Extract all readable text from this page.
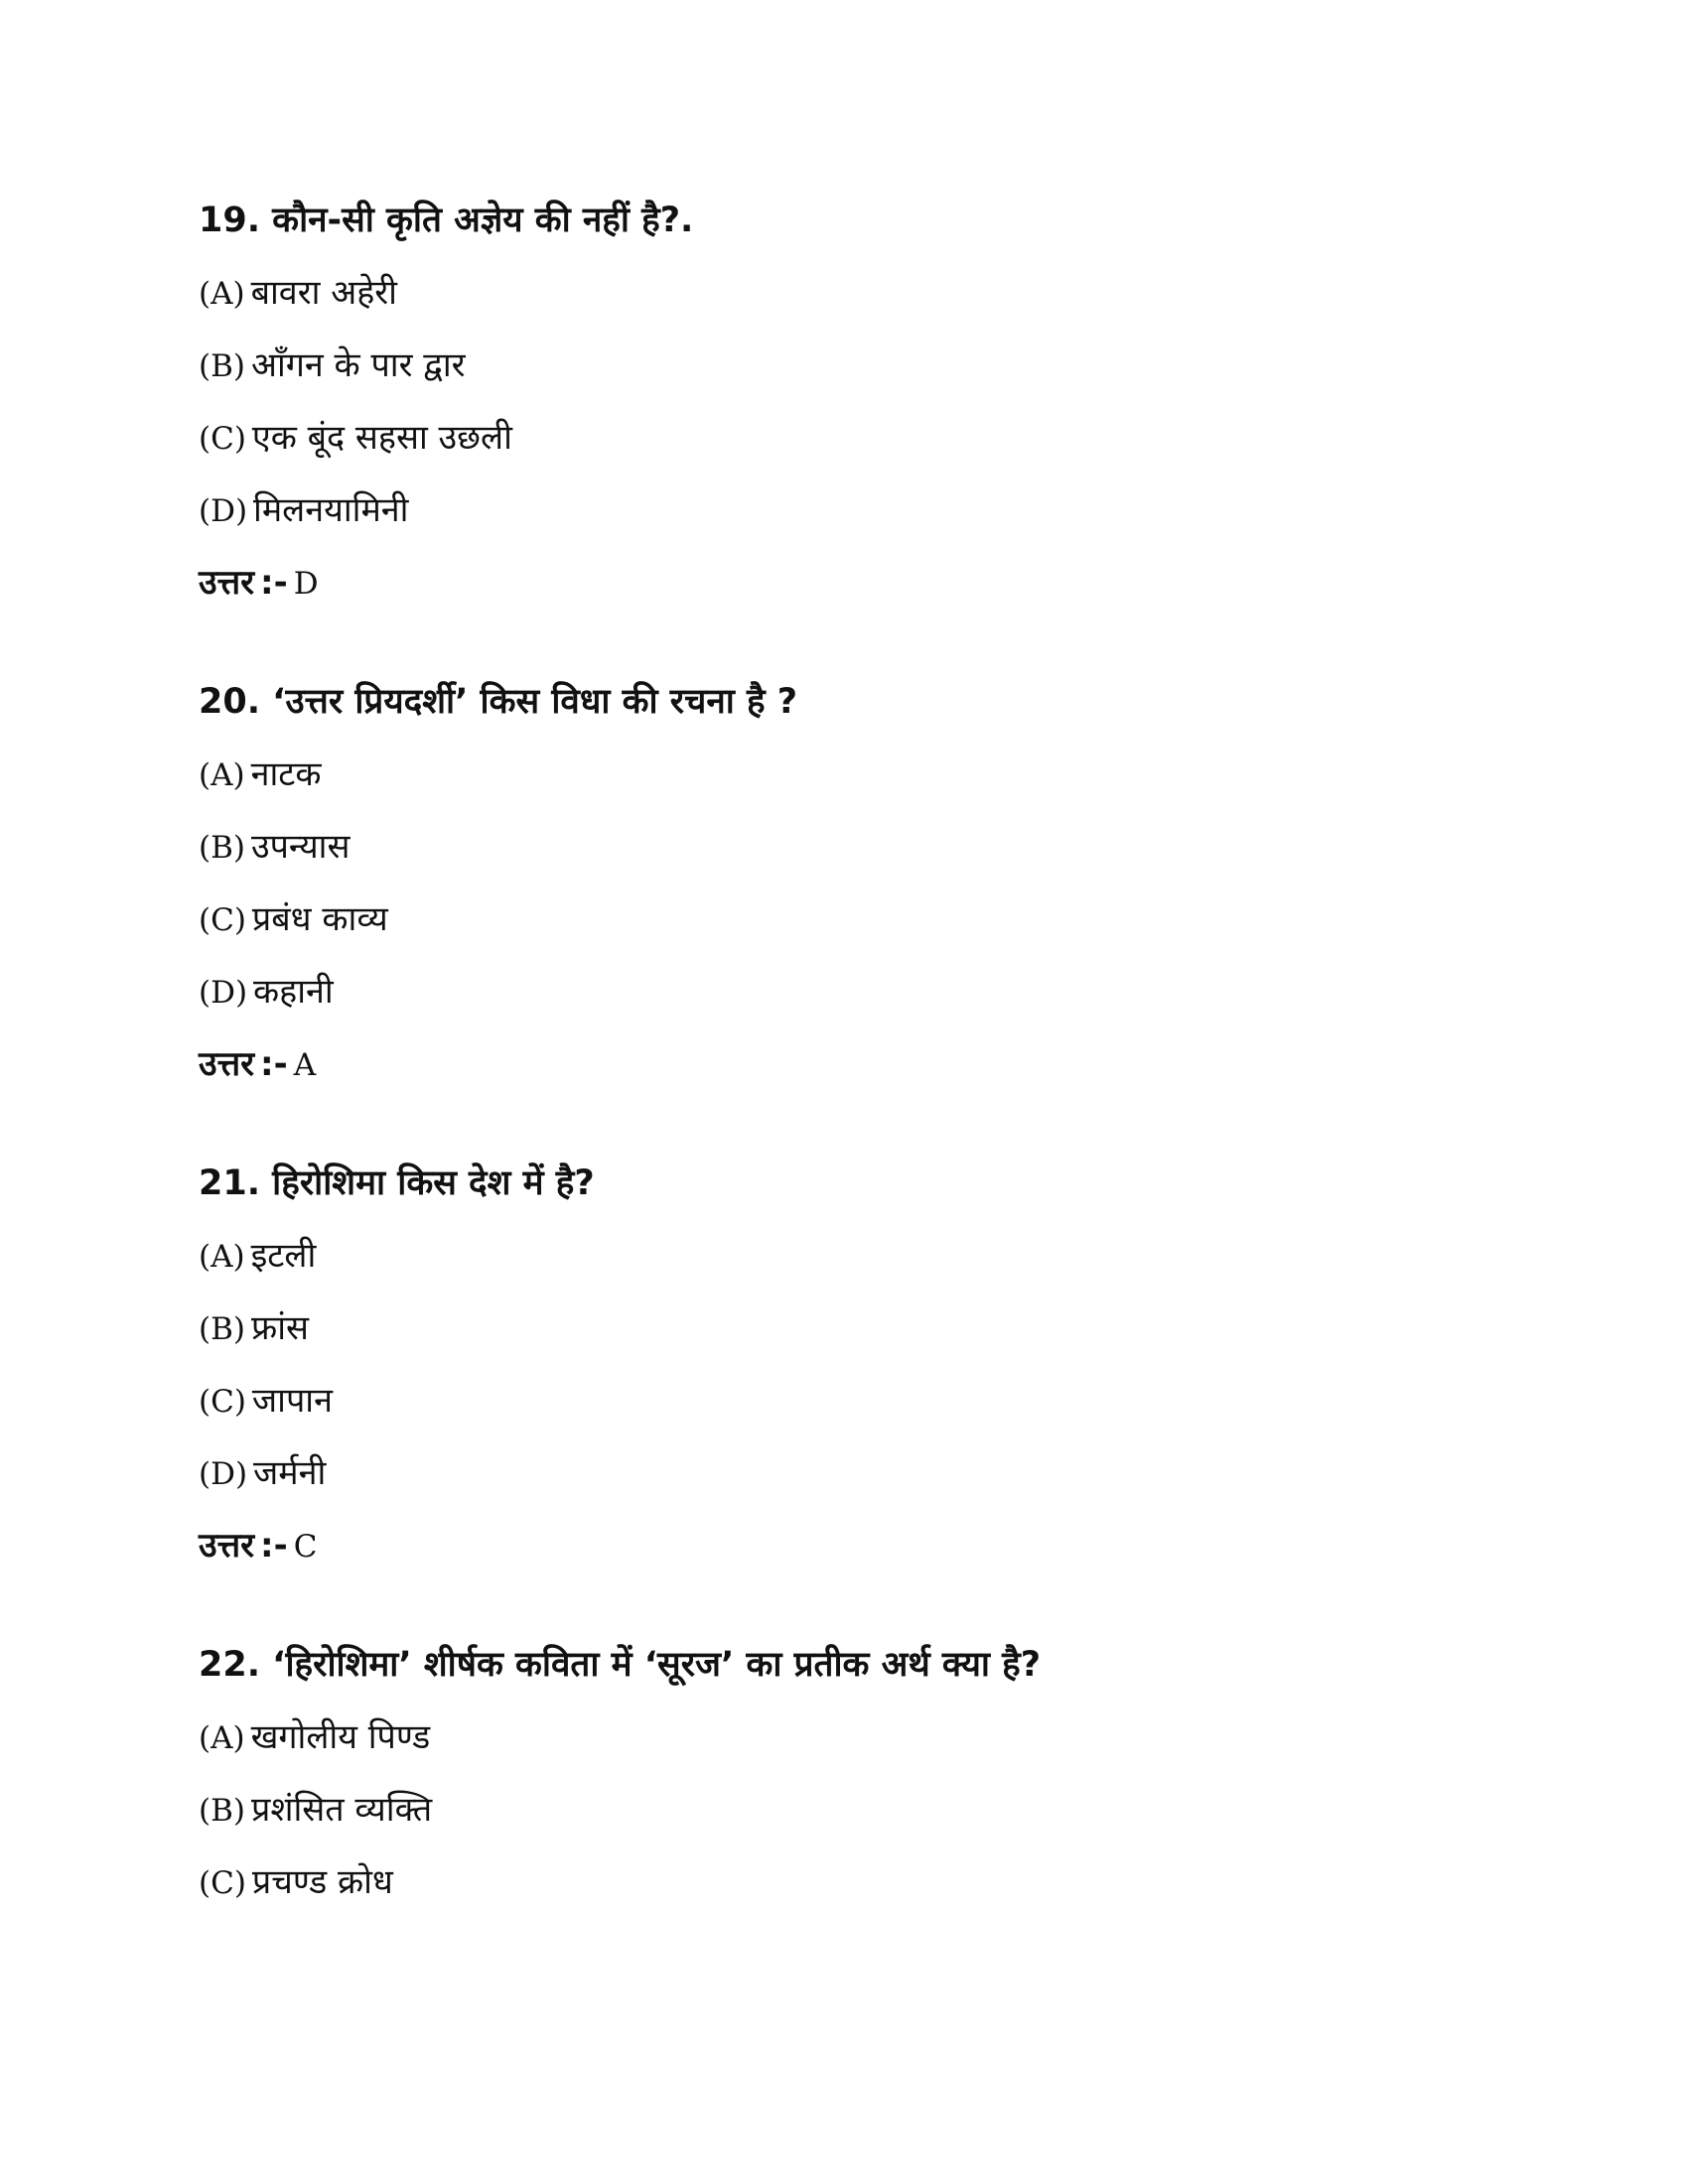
19. कौन-सी कृति अज्ञेय की नहीं है?.
(A) बावरा अहेरी
(B) आँगन के पार द्वार
(C) एक बूंद सहसा उछली
(D) मिलनयामिनी
उत्तर :- D
20. ‘उत्तर प्रियदर्शी’ किस विधा की रचना है ?
(A) नाटक
(B) उपन्यास
(C) प्रबंध काव्य
(D) कहानी
उत्तर :- A
21. हिरोशिमा किस देश में है?
(A) इटली
(B) फ्रांस
(C) जापान
(D) जर्मनी
उत्तर :- C
22. ‘हिरोशिमा’ शीर्षक कविता में ‘सूरज’ का प्रतीक अर्थ क्या है?
(A) खगोलीय पिण्ड
(B) प्रशंसित व्यक्ति
(C) प्रचण्ड क्रोध
